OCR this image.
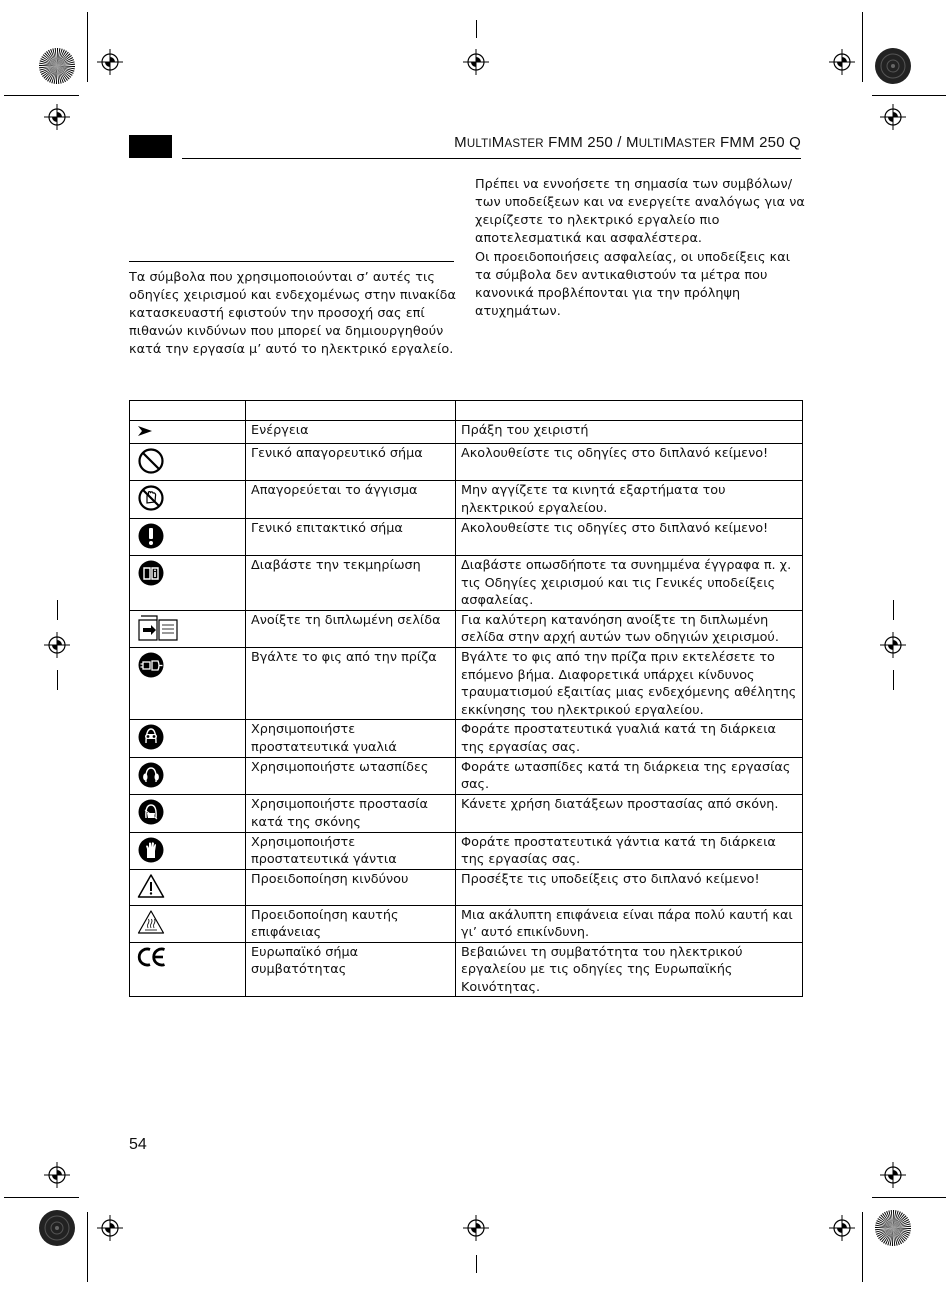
MULTIMASTER FMM 250 / MULTIMASTER FMM 250 Q
Τα σύμβολα που χρησιμοποιούνται σ’ αυτές τις οδηγίες χειρισμού και ενδεχομένως στην πινακίδα κατασκευαστή εφιστούν την προσοχή σας επί πιθανών κινδύνων που μπορεί να δημιουργηθούν κατά την εργασία μ’ αυτό το ηλεκτρικό εργαλείο.
Πρέπει να εννοήσετε τη σημασία των συμβόλων/των υποδείξεων και να ενεργείτε αναλόγως για να χειρίζεστε το ηλεκτρικό εργαλείο πιο αποτελεσματικά και ασφαλέστερα.
Οι προειδοποιήσεις ασφαλείας, οι υποδείξεις και τα σύμβολα δεν αντικαθιστούν τα μέτρα που κανονικά προβλέπονται για την πρόληψη ατυχημάτων.

	Ενέργεια	Πράξη του χειριστή

	Γενικό απαγορευτικό σήμα	Ακολουθείστε τις οδηγίες στο διπλανό κείμενο!

	Απαγορεύεται το άγγισμα	Μην αγγίζετε τα κινητά εξαρτήματα του ηλεκτρικού εργαλείου.

	Γενικό επιτακτικό σήμα	Ακολουθείστε τις οδηγίες στο διπλανό κείμενο!

	Διαβάστε την τεκμηρίωση	Διαβάστε οπωσδήποτε τα συνημμένα έγγραφα π. χ. τις Οδηγίες χειρισμού και τις Γενικές υποδείξεις ασφαλείας.

	Ανοίξτε τη διπλωμένη σελίδα	Για καλύτερη κατανόηση ανοίξτε τη διπλωμένη σελίδα στην αρχή αυτών των οδηγιών χειρισμού.

	Βγάλτε το φις από την πρίζα	Βγάλτε το φις από την πρίζα πριν εκτελέσετε το επόμενο βήμα. Διαφορετικά υπάρχει κίνδυνος τραυματισμού εξαιτίας μιας ενδεχόμενης αθέλητης εκκίνησης του ηλεκτρικού εργαλείου.

	Χρησιμοποιήστε προστατευτικά γυαλιά	Φοράτε προστατευτικά γυαλιά κατά τη διάρκεια της εργασίας σας.

	Χρησιμοποιήστε ωτασπίδες	Φοράτε ωτασπίδες κατά τη διάρκεια της εργασίας σας.

	Χρησιμοποιήστε προστασία κατά της σκόνης	Κάνετε χρήση διατάξεων προστασίας από σκόνη.

	Χρησιμοποιήστε προστατευτικά γάντια	Φοράτε προστατευτικά γάντια κατά τη διάρκεια της εργασίας σας.

	Προειδοποίηση κινδύνου	Προσέξτε τις υποδείξεις στο διπλανό κείμενο!

	Προειδοποίηση καυτής επιφάνειας	Μια ακάλυπτη επιφάνεια είναι πάρα πολύ καυτή και γι’ αυτό επικίνδυνη.

	Ευρωπαϊκό σήμα συμβατότητας	Βεβαιώνει τη συμβατότητα του ηλεκτρικού εργαλείου με τις οδηγίες της Ευρωπαϊκής Κοινότητας.
54
